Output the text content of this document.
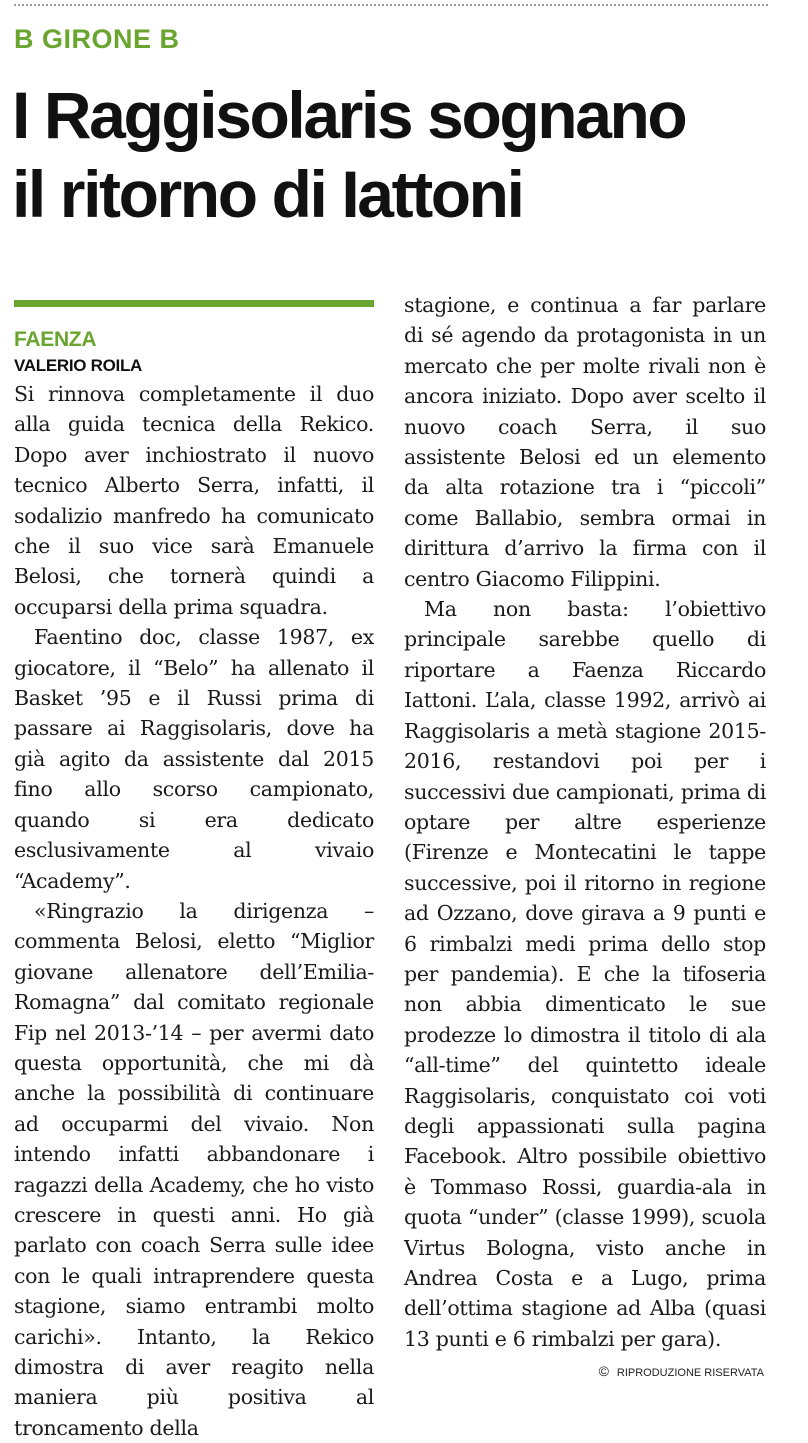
B GIRONE B
I Raggisolaris sognano
il ritorno di Iattoni
FAENZA
VALERIO ROILA

Si rinnova completamente il duo alla guida tecnica della Rekico. Dopo aver inchiostrato il nuovo tecnico Alberto Serra, infatti, il sodalizio manfredo ha comunicato che il suo vice sarà Emanuele Belosi, che tornerà quindi a occuparsi della prima squadra.

Faentino doc, classe 1987, ex giocatore, il “Belo” ha allenato il Basket ’95 e il Russi prima di passare ai Raggisolaris, dove ha già agito da assistente dal 2015 fino allo scorso campionato, quando si era dedicato esclusivamente al vivaio “Academy”.

«Ringrazio la dirigenza – commenta Belosi, eletto “Miglior giovane allenatore dell’Emilia-Romagna” dal comitato regionale Fip nel 2013-’14 – per avermi dato questa opportunità, che mi dà anche la possibilità di continuare ad occuparmi del vivaio. Non intendo infatti abbandonare i ragazzi della Academy, che ho visto crescere in questi anni. Ho già parlato con coach Serra sulle idee con le quali intraprendere questa stagione, siamo entrambi molto carichi». Intanto, la Rekico dimostra di aver reagito nella maniera più positiva al troncamento della

stagione, e continua a far parlare di sé agendo da protagonista in un mercato che per molte rivali non è ancora iniziato. Dopo aver scelto il nuovo coach Serra, il suo assistente Belosi ed un elemento da alta rotazione tra i “piccoli” come Ballabio, sembra ormai in dirittura d’arrivo la firma con il centro Giacomo Filippini.

Ma non basta: l’obiettivo principale sarebbe quello di riportare a Faenza Riccardo Iattoni. L’ala, classe 1992, arrivò ai Raggisolaris a metà stagione 2015-2016, restandovi poi per i successivi due campionati, prima di optare per altre esperienze (Firenze e Montecatini le tappe successive, poi il ritorno in regione ad Ozzano, dove girava a 9 punti e 6 rimbalzi medi prima dello stop per pandemia). E che la tifoseria non abbia dimenticato le sue prodezze lo dimostra il titolo di ala “all-time” del quintetto ideale Raggisolaris, conquistato coi voti degli appassionati sulla pagina Facebook. Altro possibile obiettivo è Tommaso Rossi, guardia-ala in quota “under” (classe 1999), scuola Virtus Bologna, visto anche in Andrea Costa e a Lugo, prima dell’ottima stagione ad Alba (quasi 13 punti e 6 rimbalzi per gara).

© RIPRODUZIONE RISERVATA
